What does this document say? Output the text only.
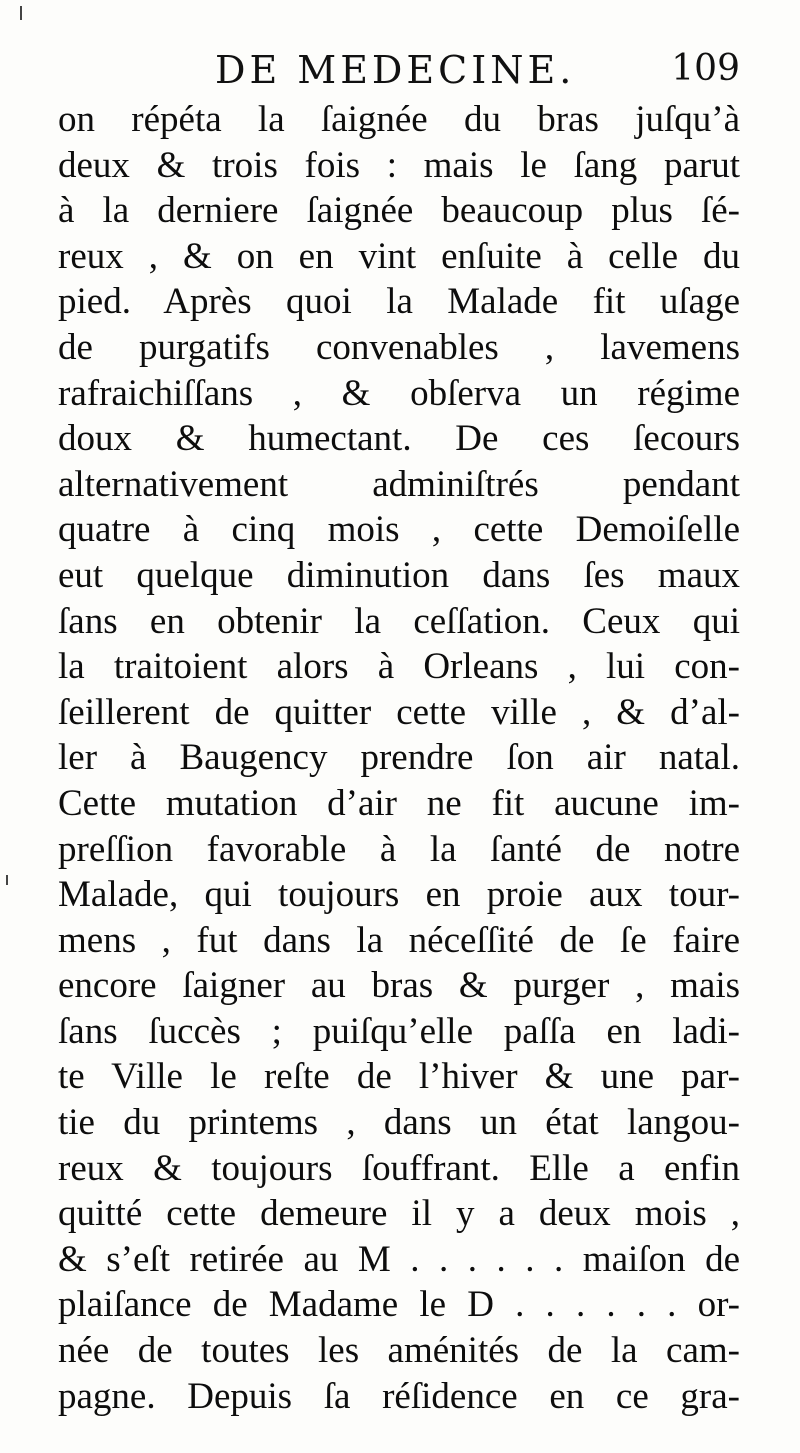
DE MEDECINE.	109
on répéta la ſaignée du bras juſqu’à
deux & trois fois : mais le ſang parut
à la derniere ſaignée beaucoup plus ſé-
reux , & on en vint enſuite à celle du
pied. Après quoi la Malade fit uſage
de purgatifs convenables , lavemens
rafraichiſſans , & obſerva un régime
doux & humectant. De ces ſecours
alternativement adminiſtrés pendant
quatre à cinq mois , cette Demoiſelle
eut quelque diminution dans ſes maux
ſans en obtenir la ceſſation. Ceux qui
la traitoient alors à Orleans , lui con-
ſeillerent de quitter cette ville , & d’al-
ler à Baugency prendre ſon air natal.
Cette mutation d’air ne fit aucune im-
preſſion favorable à la ſanté de notre
Malade, qui toujours en proie aux tour-
mens , fut dans la néceſſité de ſe faire
encore ſaigner au bras & purger , mais
ſans ſuccès ; puiſqu’elle paſſa en ladi-
te Ville le reſte de l’hiver & une par-
tie du printems , dans un état langou-
reux & toujours ſouffrant. Elle a enfin
quitté cette demeure il y a deux mois ,
& s’eſt retirée au M . . . . . . maiſon de
plaiſance de Madame le D . . . . . . or-
née de toutes les aménités de la cam-
pagne. Depuis ſa réſidence en ce gra-
